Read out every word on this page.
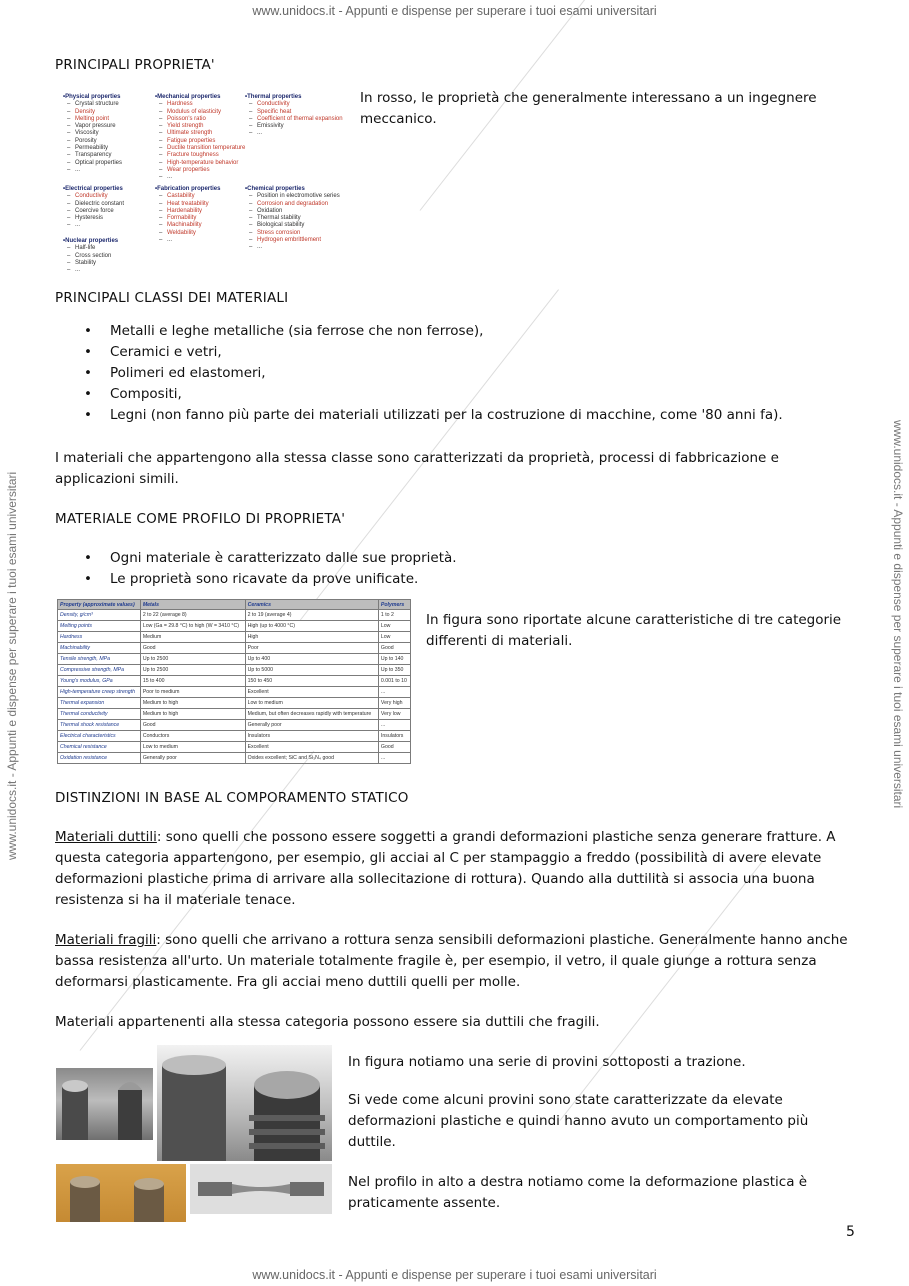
www.unidocs.it - Appunti e dispense per superare i tuoi esami universitari
www.unidocs.it - Appunti e dispense per superare i tuoi esami universitari	www.unidocs.it - Appunti e dispense per superare i tuoi esami universitari
PRINCIPALI PROPRIETA'
• Physical properties
– Crystal structure
– Density
– Melting point
– Vapor pressure
– Viscosity
– Porosity
– Permeability
– Transparency
– Optical properties
– ...
• Mechanical properties
– Hardness
– Modulus of elasticity
– Poisson's ratio
– Yield strength
– Ultimate strength
– Fatigue properties
– Ductile transition temperature
– Fracture toughness
– High-temperature behavior
– Wear properties
– ...
• Thermal properties
– Conductivity
– Specific heat
– Coefficient of thermal expansion
– Emissivity
– ...
• Electrical properties
– Conductivity
– Dielectric constant
– Coercive force
– Hysteresis
– ...
• Fabrication properties
– Castability
– Heat treatability
– Hardenability
– Formability
– Machinability
– Weldability
– ...
• Chemical properties
– Position in electromotive series
– Corrosion and degradation
– Oxidation
– Thermal stability
– Biological stability
– Stress corrosion
– Hydrogen embrittlement
– ...
• Nuclear properties
– Half-life
– Cross section
– Stability
– ...
In rosso, le proprietà che generalmente interessano a un ingegnere meccanico.
PRINCIPALI CLASSI DEI MATERIALI
• Metalli e leghe metalliche (sia ferrose che non ferrose),
• Ceramici e vetri,
• Polimeri ed elastomeri,
• Compositi,
• Legni (non fanno più parte dei materiali utilizzati per la costruzione di macchine, come '80 anni fa).
I materiali che appartengono alla stessa classe sono caratterizzati da proprietà, processi di fabbricazione e applicazioni simili.
MATERIALE COME PROFILO DI PROPRIETA'
• Ogni materiale è caratterizzato dalle sue proprietà.
• Le proprietà sono ricavate da prove unificate.
Property (approximate values)	Metals	Ceramics	Polymers
Density, g/cm³	2 to 22 (average 8)	2 to 19 (average 4)	1 to 2
Melting points	Low (Ga = 29.8 °C) to high (W = 3410 °C)	High (up to 4000 °C)	Low
Hardness	Medium	High	Low
Machinability	Good	Poor	Good
Tensile strength, MPa	Up to 2500	Up to 400	Up to 140
Compressive strength, MPa	Up to 2500	Up to 5000	Up to 350
Young's modulus, GPa	15 to 400	150 to 450	0.001 to 10
High-temperature creep strength	Poor to medium	Excellent	...
Thermal expansion	Medium to high	Low to medium	Very high
Thermal conductivity	Medium to high	Medium, but often decreases rapidly with temperature	Very low
Thermal shock resistance	Good	Generally poor	...
Electrical characteristics	Conductors	Insulators	Insulators
Chemical resistance	Low to medium	Excellent	Good
Oxidation resistance	Generally poor	Oxides excellent; SiC and Si₃N₄ good	...
In figura sono riportate alcune caratteristiche di tre categorie differenti di materiali.
DISTINZIONI IN BASE AL COMPORAMENTO STATICO
Materiali duttili: sono quelli che possono essere soggetti a grandi deformazioni plastiche senza generare fratture. A questa categoria appartengono, per esempio, gli acciai al C per stampaggio a freddo (possibilità di avere elevate deformazioni plastiche prima di arrivare alla sollecitazione di rottura). Quando alla duttilità si associa una buona resistenza si ha il materiale tenace.
Materiali fragili: sono quelli che arrivano a rottura senza sensibili deformazioni plastiche. Generalmente hanno anche bassa resistenza all'urto. Un materiale totalmente fragile è, per esempio, il vetro, il quale giunge a rottura senza deformarsi plasticamente. Fra gli acciai meno duttili quelli per molle.
Materiali appartenenti alla stessa categoria possono essere sia duttili che fragili.
In figura notiamo una serie di provini sottoposti a trazione.
Si vede come alcuni provini sono state caratterizzate da elevate deformazioni plastiche e quindi hanno avuto un comportamento più duttile.
Nel profilo in alto a destra notiamo come la deformazione plastica è praticamente assente.
5
www.unidocs.it - Appunti e dispense per superare i tuoi esami universitari
